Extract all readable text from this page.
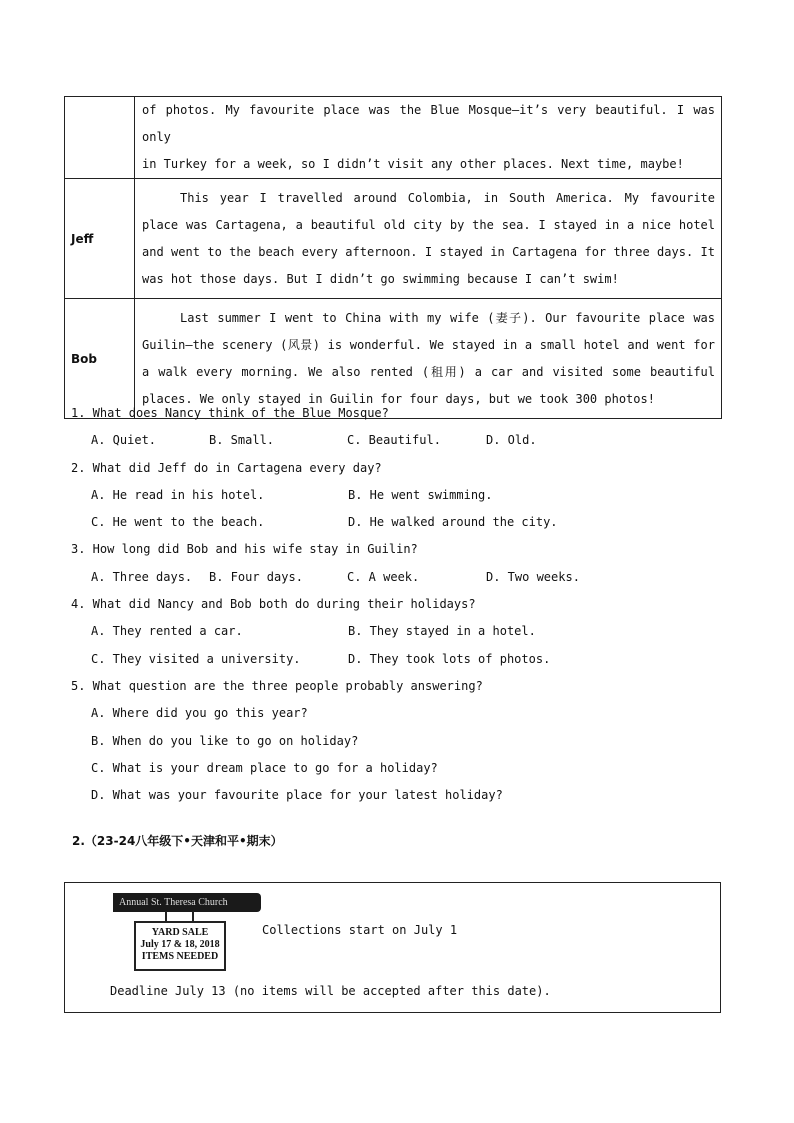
	of photos. My favourite place was the Blue Mosque—it’s very beautiful. I was only
in Turkey for a week, so I didn’t visit any other places. Next time, maybe!

Jeff	This year I travelled around Colombia, in South America. My favourite place was Cartagena, a beautiful old city by the sea. I stayed in a nice hotel and went to the beach every afternoon. I stayed in Cartagena for three days. It was hot those days. But I didn’t go swimming because I can’t swim!

Bob	Last summer I went to China with my wife (妻子). Our favourite place was Guilin—the scenery (风景) is wonderful. We stayed in a small hotel and went for a walk every morning. We also rented (租用) a car and visited some beautiful places. We only stayed in Guilin for four days, but we took 300 photos!

1. What does Nancy think of the Blue Mosque?
A. Quiet.	B. Small.	C. Beautiful.	D. Old.
2. What did Jeff do in Cartagena every day?
A. He read in his hotel.	B. He went swimming.
C. He went to the beach.	D. He walked around the city.
3. How long did Bob and his wife stay in Guilin?
A. Three days.	B. Four days.	C. A week.	D. Two weeks.
4. What did Nancy and Bob both do during their holidays?
A. They rented a car.	B. They stayed in a hotel.
C. They visited a university.	D. They took lots of photos.
5. What question are the three people probably answering?
A. Where did you go this year?
B. When do you like to go on holiday?
C. What is your dream place to go for a holiday?
D. What was your favourite place for your latest holiday?
2.（23-24八年级下•天津和平•期末）
Annual St. Theresa Church
YARD SALE
July 17 & 18, 2018
ITEMS NEEDED
Collections start on July 1
Deadline July 13 (no items will be accepted after this date).
